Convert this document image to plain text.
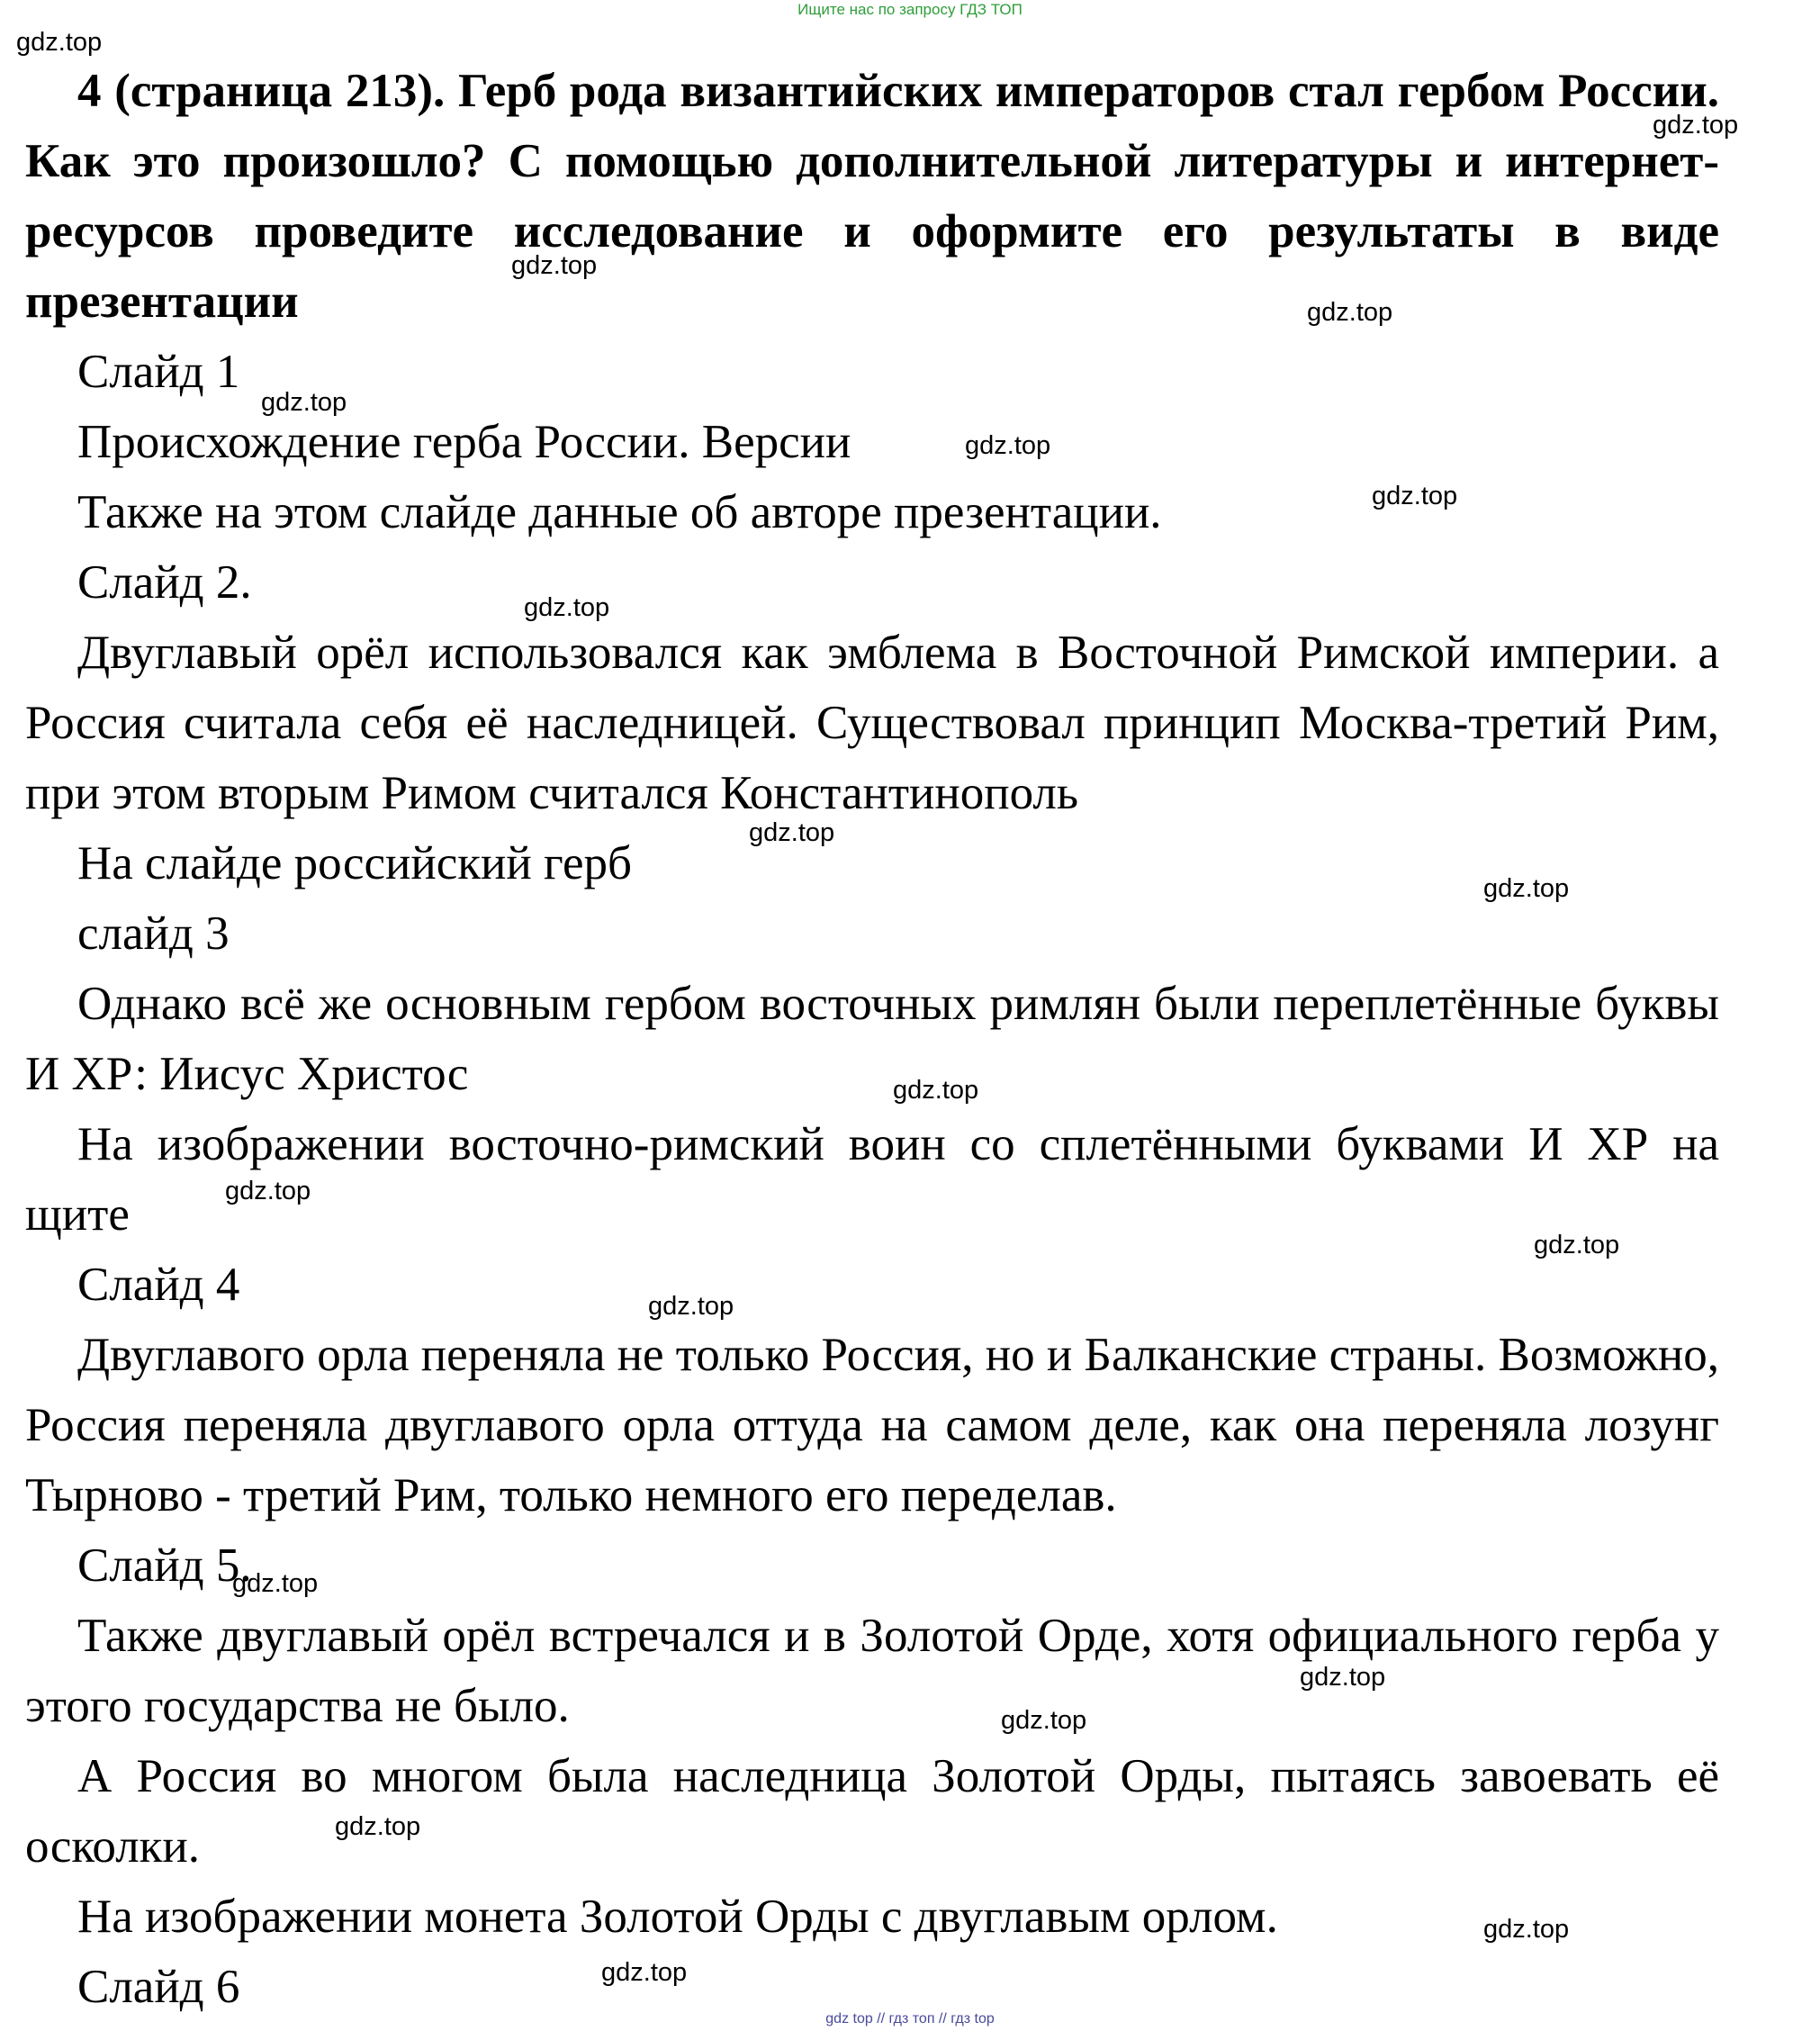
Ищите нас по запросу ГДЗ ТОП

4 (страница 213). Герб рода византийских императоров стал гербом России. Как это произошло? С помощью дополнительной литературы и интернет-ресурсов проведите исследование и оформите его результаты в виде презентации

Слайд 1

Происхождение герба России. Версии

Также на этом слайде данные об авторе презентации.

Слайд 2.

Двуглавый орёл использовался как эмблема в Восточной Римской империи. а Россия считала себя её наследницей. Существовал принцип Москва-третий Рим, при этом вторым Римом считался Константинополь

На слайде российский герб

слайд 3

Однако всё же основным гербом восточных римлян были переплетённые буквы И ХР: Иисус Христос

На изображении восточно-римский воин со сплетёнными буквами И ХР на щите

Слайд 4

Двуглавого орла переняла не только Россия, но и Балканские страны. Возможно, Россия переняла двуглавого орла оттуда на самом деле, как она переняла лозунг Тырново - третий Рим, только немного его переделав.

Слайд 5.

Также двуглавый орёл встречался и в Золотой Орде, хотя официального герба у этого государства не было.

А Россия во многом была наследница Золотой Орды, пытаясь завоевать её осколки.

На изображении монета Золотой Орды с двуглавым орлом.

Слайд 6

gdz.top
gdz.top
gdz.top
gdz.top
gdz.top
gdz.top
gdz.top
gdz.top
gdz.top
gdz.top
gdz.top
gdz.top
gdz.top
gdz.top
gdz.top
gdz.top
gdz.top
gdz.top
gdz.top
gdz.top
gdz top // гдз топ // гдз top
